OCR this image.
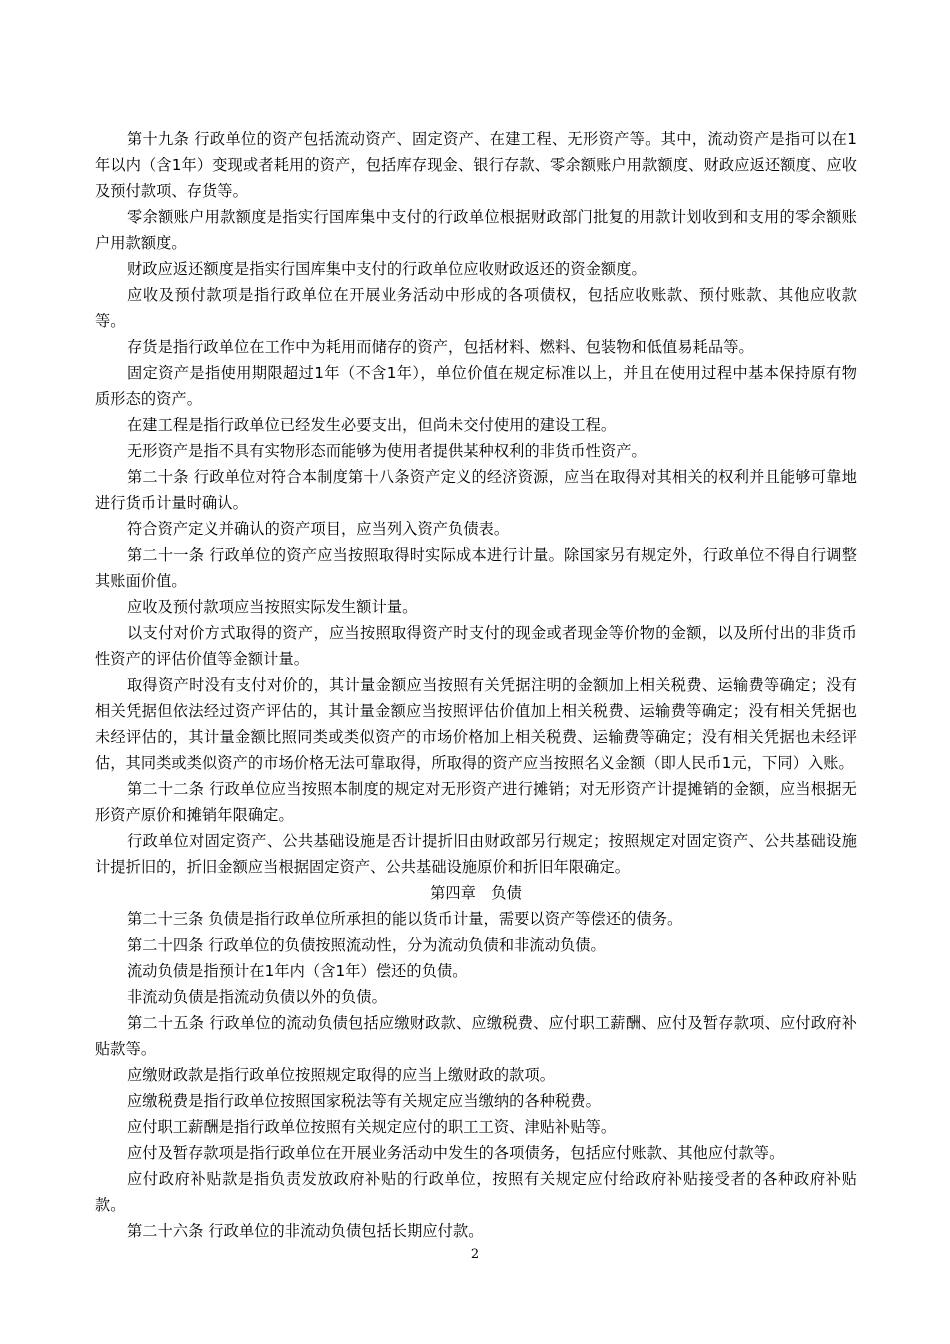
第十九条 行政单位的资产包括流动资产、固定资产、在建工程、无形资产等。其中，流动资产是指可以在1年以内（含1年）变现或者耗用的资产，包括库存现金、银行存款、零余额账户用款额度、财政应返还额度、应收及预付款项、存货等。

零余额账户用款额度是指实行国库集中支付的行政单位根据财政部门批复的用款计划收到和支用的零余额账户用款额度。

财政应返还额度是指实行国库集中支付的行政单位应收财政返还的资金额度。

应收及预付款项是指行政单位在开展业务活动中形成的各项债权，包括应收账款、预付账款、其他应收款等。

存货是指行政单位在工作中为耗用而储存的资产，包括材料、燃料、包装物和低值易耗品等。

固定资产是指使用期限超过1年（不含1年），单位价值在规定标准以上，并且在使用过程中基本保持原有物质形态的资产。

在建工程是指行政单位已经发生必要支出，但尚未交付使用的建设工程。

无形资产是指不具有实物形态而能够为使用者提供某种权利的非货币性资产。

第二十条 行政单位对符合本制度第十八条资产定义的经济资源，应当在取得对其相关的权利并且能够可靠地进行货币计量时确认。

符合资产定义并确认的资产项目，应当列入资产负债表。

第二十一条 行政单位的资产应当按照取得时实际成本进行计量。除国家另有规定外，行政单位不得自行调整其账面价值。

应收及预付款项应当按照实际发生额计量。

以支付对价方式取得的资产，应当按照取得资产时支付的现金或者现金等价物的金额，以及所付出的非货币性资产的评估价值等金额计量。

取得资产时没有支付对价的，其计量金额应当按照有关凭据注明的金额加上相关税费、运输费等确定；没有相关凭据但依法经过资产评估的，其计量金额应当按照评估价值加上相关税费、运输费等确定；没有相关凭据也未经评估的，其计量金额比照同类或类似资产的市场价格加上相关税费、运输费等确定；没有相关凭据也未经评估，其同类或类似资产的市场价格无法可靠取得，所取得的资产应当按照名义金额（即人民币1元，下同）入账。

第二十二条 行政单位应当按照本制度的规定对无形资产进行摊销；对无形资产计提摊销的金额，应当根据无形资产原价和摊销年限确定。

行政单位对固定资产、公共基础设施是否计提折旧由财政部另行规定；按照规定对固定资产、公共基础设施计提折旧的，折旧金额应当根据固定资产、公共基础设施原价和折旧年限确定。

第四章　负债

第二十三条 负债是指行政单位所承担的能以货币计量，需要以资产等偿还的债务。

第二十四条 行政单位的负债按照流动性，分为流动负债和非流动负债。

流动负债是指预计在1年内（含1年）偿还的负债。

非流动负债是指流动负债以外的负债。

第二十五条 行政单位的流动负债包括应缴财政款、应缴税费、应付职工薪酬、应付及暂存款项、应付政府补贴款等。

应缴财政款是指行政单位按照规定取得的应当上缴财政的款项。

应缴税费是指行政单位按照国家税法等有关规定应当缴纳的各种税费。

应付职工薪酬是指行政单位按照有关规定应付的职工工资、津贴补贴等。

应付及暂存款项是指行政单位在开展业务活动中发生的各项债务，包括应付账款、其他应付款等。

应付政府补贴款是指负责发放政府补贴的行政单位，按照有关规定应付给政府补贴接受者的各种政府补贴款。

第二十六条 行政单位的非流动负债包括长期应付款。

2
